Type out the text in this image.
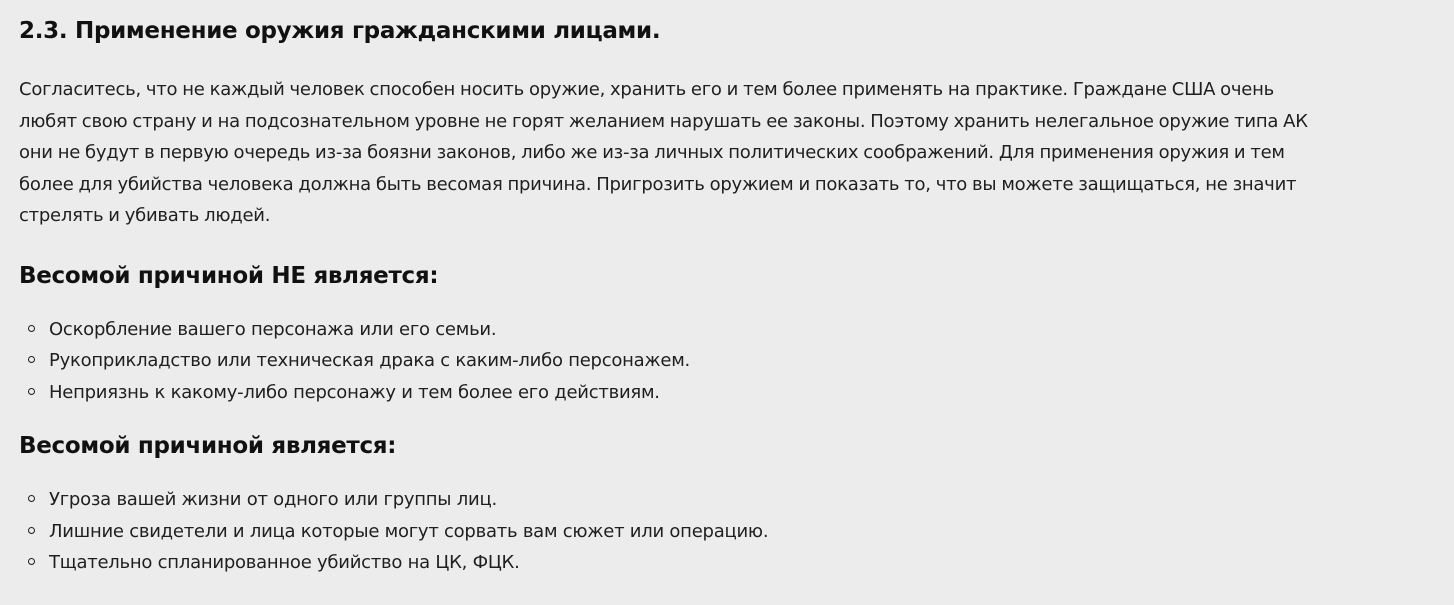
2.3. Применение оружия гражданскими лицами.

Согласитесь, что не каждый человек способен носить оружие, хранить его и тем более применять на практике. Граждане США очень
любят свою страну и на подсознательном уровне не горят желанием нарушать ее законы. Поэтому хранить нелегальное оружие типа АК
они не будут в первую очередь из-за боязни законов, либо же из-за личных политических соображений. Для применения оружия и тем
более для убийства человека должна быть весомая причина. Пригрозить оружием и показать то, что вы можете защищаться, не значит
стрелять и убивать людей.

Весомой причиной НЕ является:
Оскорбление вашего персонажа или его семьи.
Рукоприкладство или техническая драка с каким-либо персонажем.
Неприязнь к какому-либо персонажу и тем более его действиям.
Весомой причиной является:
Угроза вашей жизни от одного или группы лиц.
Лишние свидетели и лица которые могут сорвать вам сюжет или операцию.
Тщательно спланированное убийство на ЦК, ФЦК.
